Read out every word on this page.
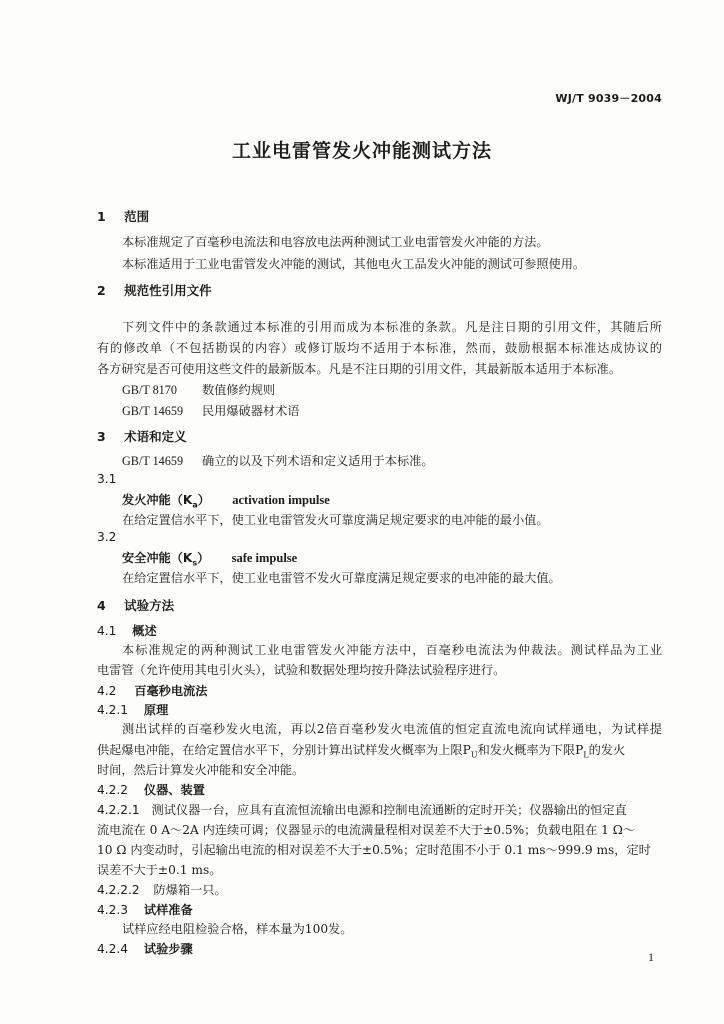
WJ/T 9039－2004
工业电雷管发火冲能测试方法
1 范围
本标准规定了百毫秒电流法和电容放电法两种测试工业电雷管发火冲能的方法。
本标准适用于工业电雷管发火冲能的测试，其他电火工品发火冲能的测试可参照使用。
2 规范性引用文件
下列文件中的条款通过本标准的引用而成为本标准的条款。凡是注日期的引用文件，其随后所
有的修改单（不包括勘误的内容）或修订版均不适用于本标准，然而，鼓励根据本标准达成协议的
各方研究是否可使用这些文件的最新版本。凡是不注日期的引用文件，其最新版本适用于本标准。
GB/T 8170 数值修约规则
GB/T 14659 民用爆破器材术语
3 术语和定义
GB/T 14659 确立的以及下列术语和定义适用于本标准。
3.1
发火冲能$(K_a)$ activation impulse
在给定置信水平下，使工业电雷管发火可靠度满足规定要求的电冲能的最小值。
3.2
安全冲能$(K_s)$ safe impulse
在给定置信水平下，使工业电雷管不发火可靠度满足规定要求的电冲能的最大值。
4 试验方法
4.1 概述
本标准规定的两种测试工业电雷管发火冲能方法中，百毫秒电流法为仲裁法。测试样品为工业
电雷管（允许使用其电引火头），试验和数据处理均按升降法试验程序进行。
4.2 百毫秒电流法
4.2.1 原理
测出试样的百毫秒发火电流，再以2倍百毫秒发火电流值的恒定直流电流向试样通电，为试样提
供起爆电冲能，在给定置信水平下，分别计算出试样发火概率为上限$P_U$和发火概率为下限$P_L$的发火
时间，然后计算发火冲能和安全冲能。
4.2.2 仪器、装置
4.2.2.1 测试仪器一台，应具有直流恒流输出电源和控制电流通断的定时开关；仪器输出的恒定直
流电流在 0 A～2A 内连续可调；仪器显示的电流满量程相对误差不大于±0.5%；负载电阻在 1 Ω～
10 Ω 内变动时，引起输出电流的相对误差不大于±0.5%；定时范围不小于 0.1 ms～999.9 ms，定时
误差不大于±0.1 ms。
4.2.2.2 防爆箱一只。
4.2.3 试样准备
试样应经电阻检验合格，样本量为100发。
4.2.4 试验步骤
1
